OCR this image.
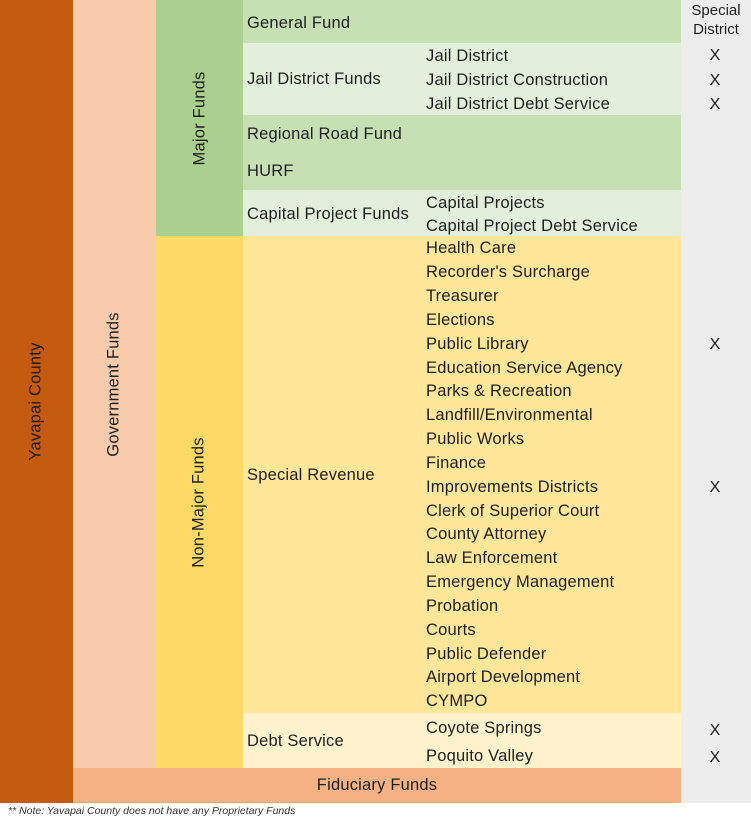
Yavapai County	Government Funds
Major Funds
Non-Major Funds
Fiduciary Funds
Special
District
General Fund
Jail District Funds
Regional Road Fund
HURF
Capital Project Funds
Jail District
Jail District Construction
Jail District Debt Service
Capital Projects
Capital Project Debt Service
Special Revenue
Debt Service
Health Care
Recorder's Surcharge
Treasurer
Elections
Public Library
Education Service Agency
Parks & Recreation
Landfill/Environmental
Public Works
Finance
Improvements Districts
Clerk of Superior Court
County Attorney
Law Enforcement
Emergency Management
Probation
Courts
Public Defender
Airport Development
CYMPO
Coyote Springs
Poquito Valley
X
X
X
X
X
X
X
** Note: Yavapai County does not have any Proprietary Funds
